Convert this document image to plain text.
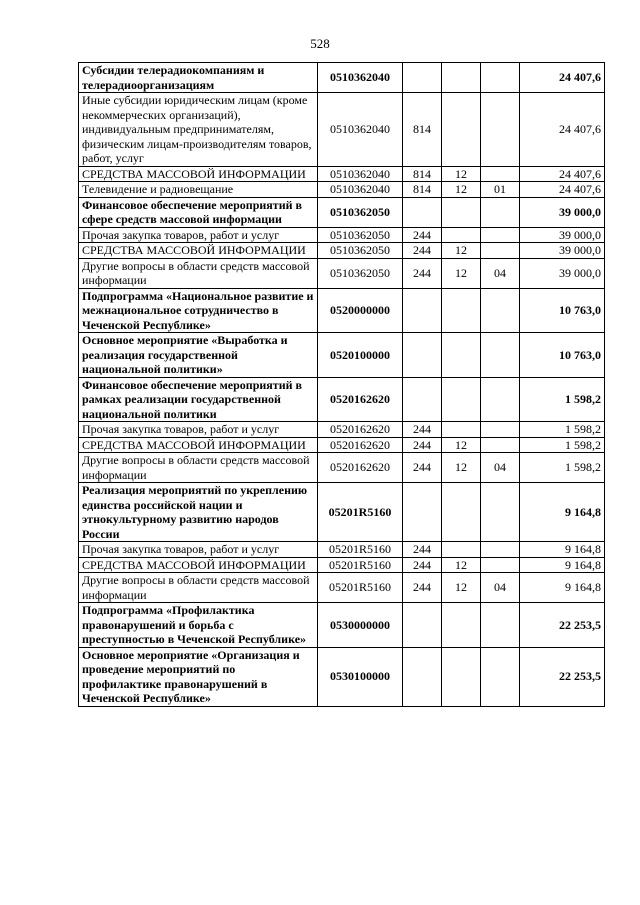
528
Субсидии телерадиокомпаниям и телерадиоорганизациям	0510362040				24 407,6
Иные субсидии юридическим лицам (кроме некоммерческих организаций), индивидуальным предпринимателям, физическим лицам-производителям товаров, работ, услуг	0510362040	814			24 407,6
СРЕДСТВА МАССОВОЙ ИНФОРМАЦИИ	0510362040	814	12		24 407,6
Телевидение и радиовещание	0510362040	814	12	01	24 407,6
Финансовое обеспечение мероприятий в сфере средств массовой информации	0510362050				39 000,0
Прочая закупка товаров, работ и услуг	0510362050	244			39 000,0
СРЕДСТВА МАССОВОЙ ИНФОРМАЦИИ	0510362050	244	12		39 000,0
Другие вопросы в области средств массовой информации	0510362050	244	12	04	39 000,0
Подпрограмма «Национальное развитие и межнациональное сотрудничество в Чеченской Республике»	0520000000				10 763,0
Основное мероприятие «Выработка и реализация государственной национальной политики»	0520100000				10 763,0
Финансовое обеспечение мероприятий в рамках реализации государственной национальной политики	0520162620				1 598,2
Прочая закупка товаров, работ и услуг	0520162620	244			1 598,2
СРЕДСТВА МАССОВОЙ ИНФОРМАЦИИ	0520162620	244	12		1 598,2
Другие вопросы в области средств массовой информации	0520162620	244	12	04	1 598,2
Реализация мероприятий по укреплению единства российской нации и этнокультурному развитию народов России	05201R5160				9 164,8
Прочая закупка товаров, работ и услуг	05201R5160	244			9 164,8
СРЕДСТВА МАССОВОЙ ИНФОРМАЦИИ	05201R5160	244	12		9 164,8
Другие вопросы в области средств массовой информации	05201R5160	244	12	04	9 164,8
Подпрограмма «Профилактика правонарушений и борьба с преступностью в Чеченской Республике»	0530000000				22 253,5
Основное мероприятие «Организация и проведение мероприятий по профилактике правонарушений в Чеченской Республике»	0530100000				22 253,5
